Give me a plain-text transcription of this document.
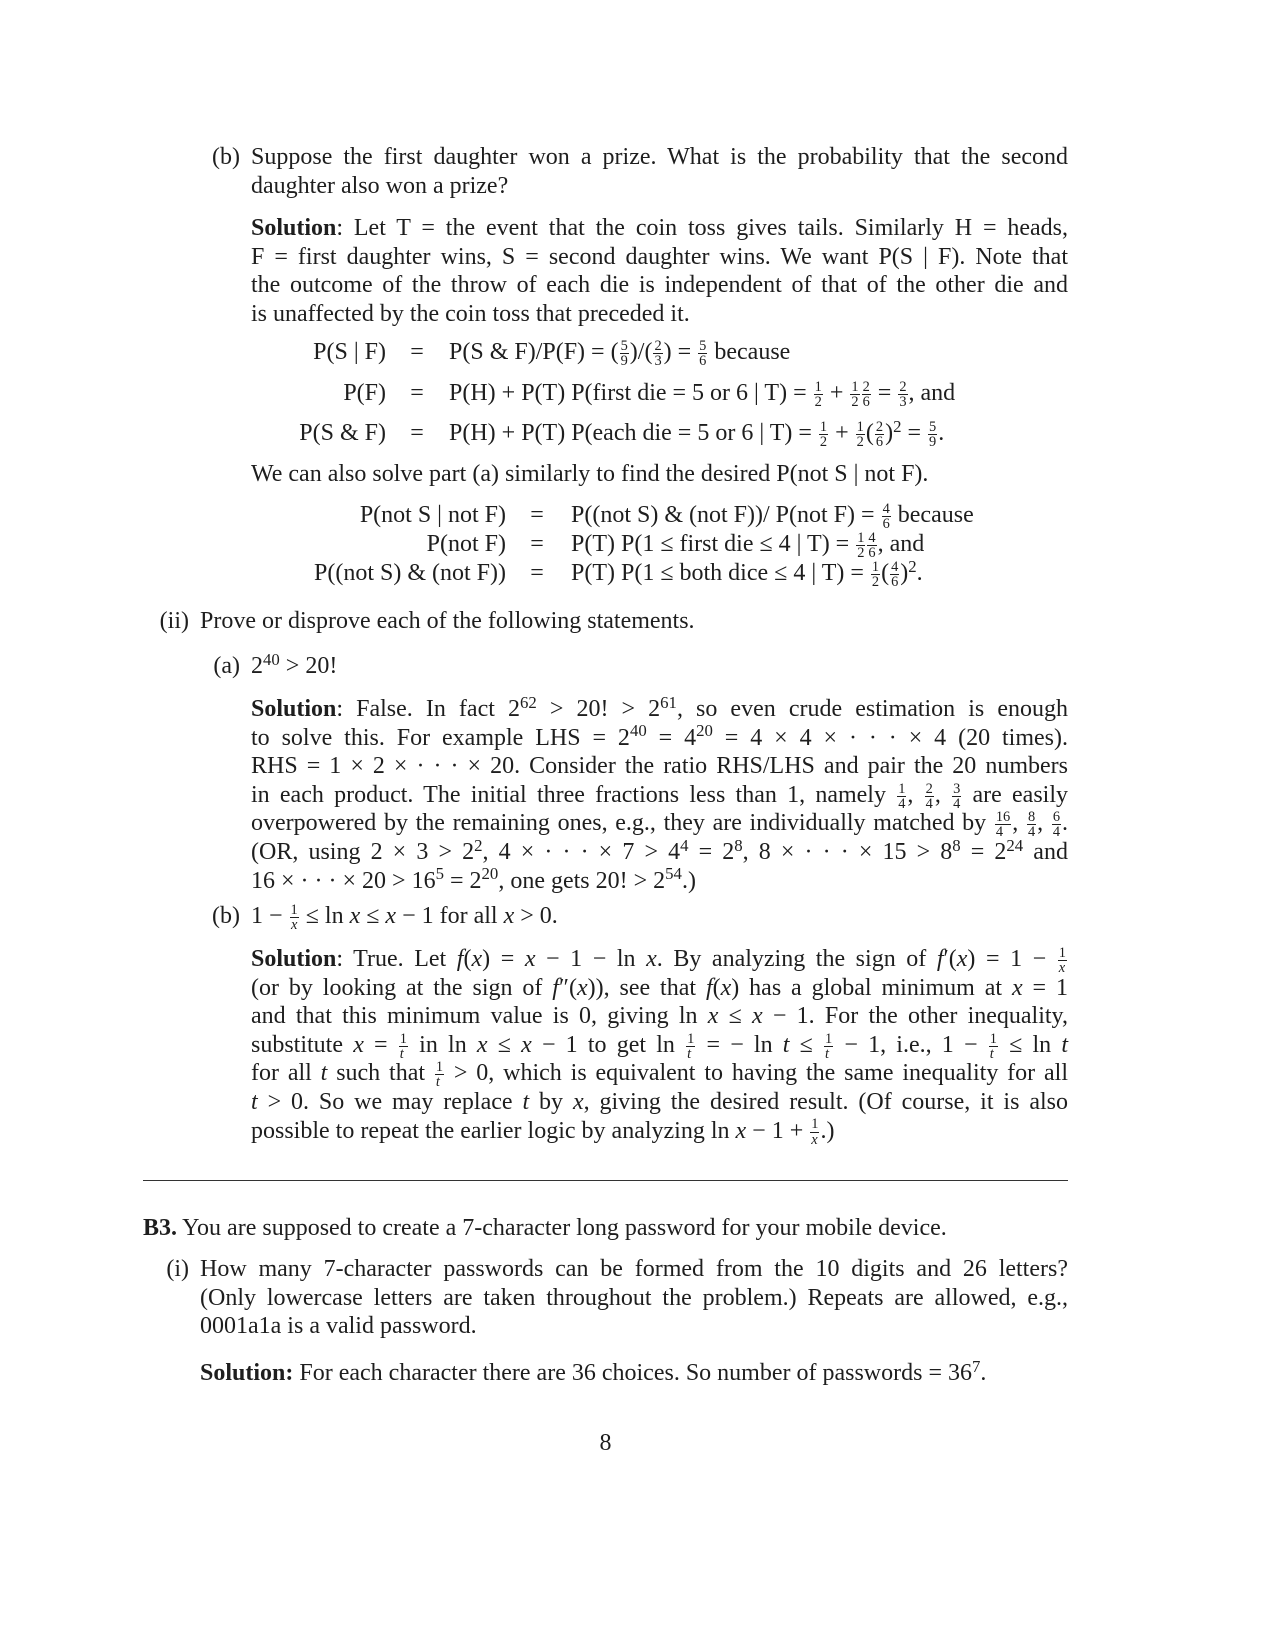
(b) Suppose the first daughter won a prize. What is the probability that the second
daughter also won a prize?
Solution: Let T = the event that the coin toss gives tails. Similarly H = heads,
F = first daughter wins, S = second daughter wins. We want P(S | F). Note that
the outcome of the throw of each die is independent of that of the other die and
is unaffected by the coin toss that preceded it.
P(S | F) = P(S & F)/P(F) = ( $\frac{5}{9}$ )/( $\frac{2}{3}$ ) = $\frac{5}{6}$ because
P(F) = P(H) + P(T) P(first die = 5 or 6 | $T) = \frac{1}{2} + \frac{1}{2} \frac{2}{6} = \frac{2}{3}$ , and
P(S & F) = P(H) + P(T) P(each die = 5 or 6 | $T) = \frac{1}{2} + \frac{1}{2}$ ( $\frac{2}{6} )^2 = \frac{5}{9}$ .
We can also solve part (a) similarly to find the desired P(not S | not F).
P(not S | not F) = P((not S) & (not F))/ P(not $F) = \frac{4}{6}$ because
P(not F) = P(T) P(1 ≤ first die ≤ 4 | $T) = \frac{1}{2} \frac{4}{6}$ , and
P((not S) & (not F)) = P(T) P(1 ≤ both dice ≤ 4 | $T) = \frac{1}{2}$ ( $\frac{4}{6} )^2$.
(ii) Prove or disprove each of the following statements.
(a) $2^{40} > 20$!
Solution: False. In fact $2^{62} > 20$! > $2^{61}$, so even crude estimation is enough
to solve this. For example LHS = $2^{40} = 4^{20} = 4 \times 4$ × · · · × 4 (20 times).
RHS = 1 × 2 × · · · × 20. Consider the ratio RHS/LHS and pair the 20 numbers
in each product. The initial three fractions less than 1, namely $\frac{1}{4}$ , $\frac{2}{4}$ , $\frac{3}{4}$ are easily
overpowered by the remaining ones, e.g., they are individually matched by $\frac{16}{4}$ , $\frac{8}{4}$ , $\frac{6}{4}$ .
(OR, using $2 \times 3 > 2^2$, 4 × · · · × $7 > 4^4 = 2^8$, 8 × · · · × $15 > 8^8 = 2^{24}$ and
16 × · · · × $20 > 16^5 = 2^{20}$, one gets 20! > $2^{54}$.)
(b) $1 - \frac{1}{x} \le \ln x \le x - 1$ for all x > 0.
Solution: True. Let f(x) = x − 1 − ln x. By analyzing the sign of $f'(x) = 1 - \frac{1}{x}$
(or by looking at the sign of f″(x)), see that f(x) has a global minimum at x = 1
and that this minimum value is 0, giving ln x ≤ x − 1. For the other inequality,
substitute $x = \frac{1}{t}$ in ln x ≤ x − 1 to get $\ln \frac{1}{t}$ = − $\ln t \le \frac{1}{t} - 1$, i.e., $1 - \frac{1}{t} \le \ln t$
for all t such that $\frac{1}{t} > 0$, which is equivalent to having the same inequality for all
t > 0. So we may replace t by x, giving the desired result. (Of course, it is also
possible to repeat the earlier logic by analyzing $\ln x - 1 + \frac{1}{x}$ .)
B3. You are supposed to create a 7-character long password for your mobile device.
(i) How many 7-character passwords can be formed from the 10 digits and 26 letters?
(Only lowercase letters are taken throughout the problem.) Repeats are allowed, e.g.,
0001a1a is a valid password.
Solution: For each character there are 36 choices. So number of passwords = $36^7$.
8
